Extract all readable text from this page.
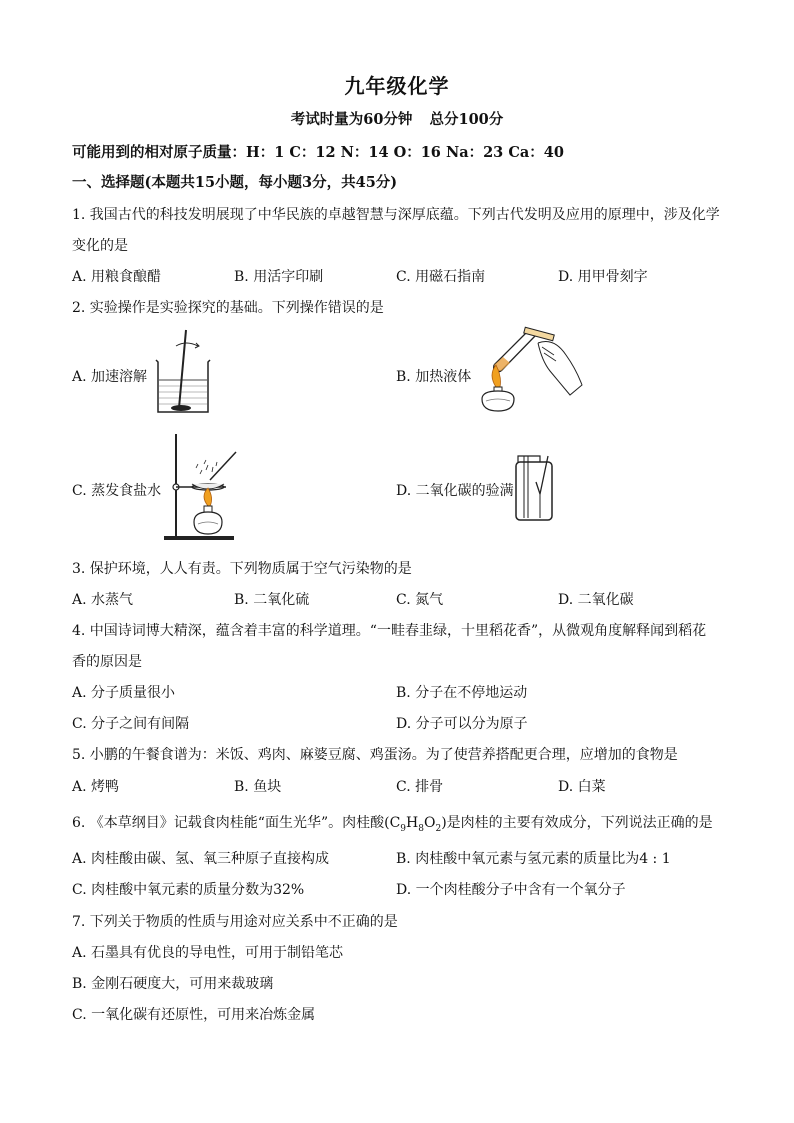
九年级化学
考试时量为60分钟 总分100分
可能用到的相对原子质量：H：1 C：12 N：14 O：16 Na：23 Ca：40
一、选择题(本题共15小题，每小题3分，共45分)
1. 我国古代的科技发明展现了中华民族的卓越智慧与深厚底蕴。下列古代发明及应用的原理中，涉及化学
变化的是
A. 用粮食酿醋	B. 用活字印刷	C. 用磁石指南	D. 用甲骨刻字
2. 实验操作是实验探究的基础。下列操作错误的是
A. 加速溶解	B. 加热液体
C. 蒸发食盐水	D. 二氧化碳的验满
3. 保护环境，人人有责。下列物质属于空气污染物的是
A. 水蒸气	B. 二氧化硫	C. 氮气	D. 二氧化碳
4. 中国诗词博大精深，蕴含着丰富的科学道理。“一畦春韭绿，十里稻花香”，从微观角度解释闻到稻花
香的原因是
A. 分子质量很小	B. 分子在不停地运动
C. 分子之间有间隔	D. 分子可以分为原子
5. 小鹏的午餐食谱为：米饭、鸡肉、麻婆豆腐、鸡蛋汤。为了使营养搭配更合理，应增加的食物是
A. 烤鸭	B. 鱼块	C. 排骨	D. 白菜
6. 《本草纲目》记载食肉桂能“面生光华”。肉桂酸$(C_9H_8O_2)$是肉桂的主要有效成分，下列说法正确的是
A. 肉桂酸由碳、氢、氧三种原子直接构成	B. 肉桂酸中氧元素与氢元素的质量比为4 : 1
C. 肉桂酸中氧元素的质量分数为32%	D. 一个肉桂酸分子中含有一个氧分子
7. 下列关于物质的性质与用途对应关系中不正确的是
A. 石墨具有优良的导电性，可用于制铅笔芯
B. 金刚石硬度大，可用来裁玻璃
C. 一氧化碳有还原性，可用来冶炼金属
